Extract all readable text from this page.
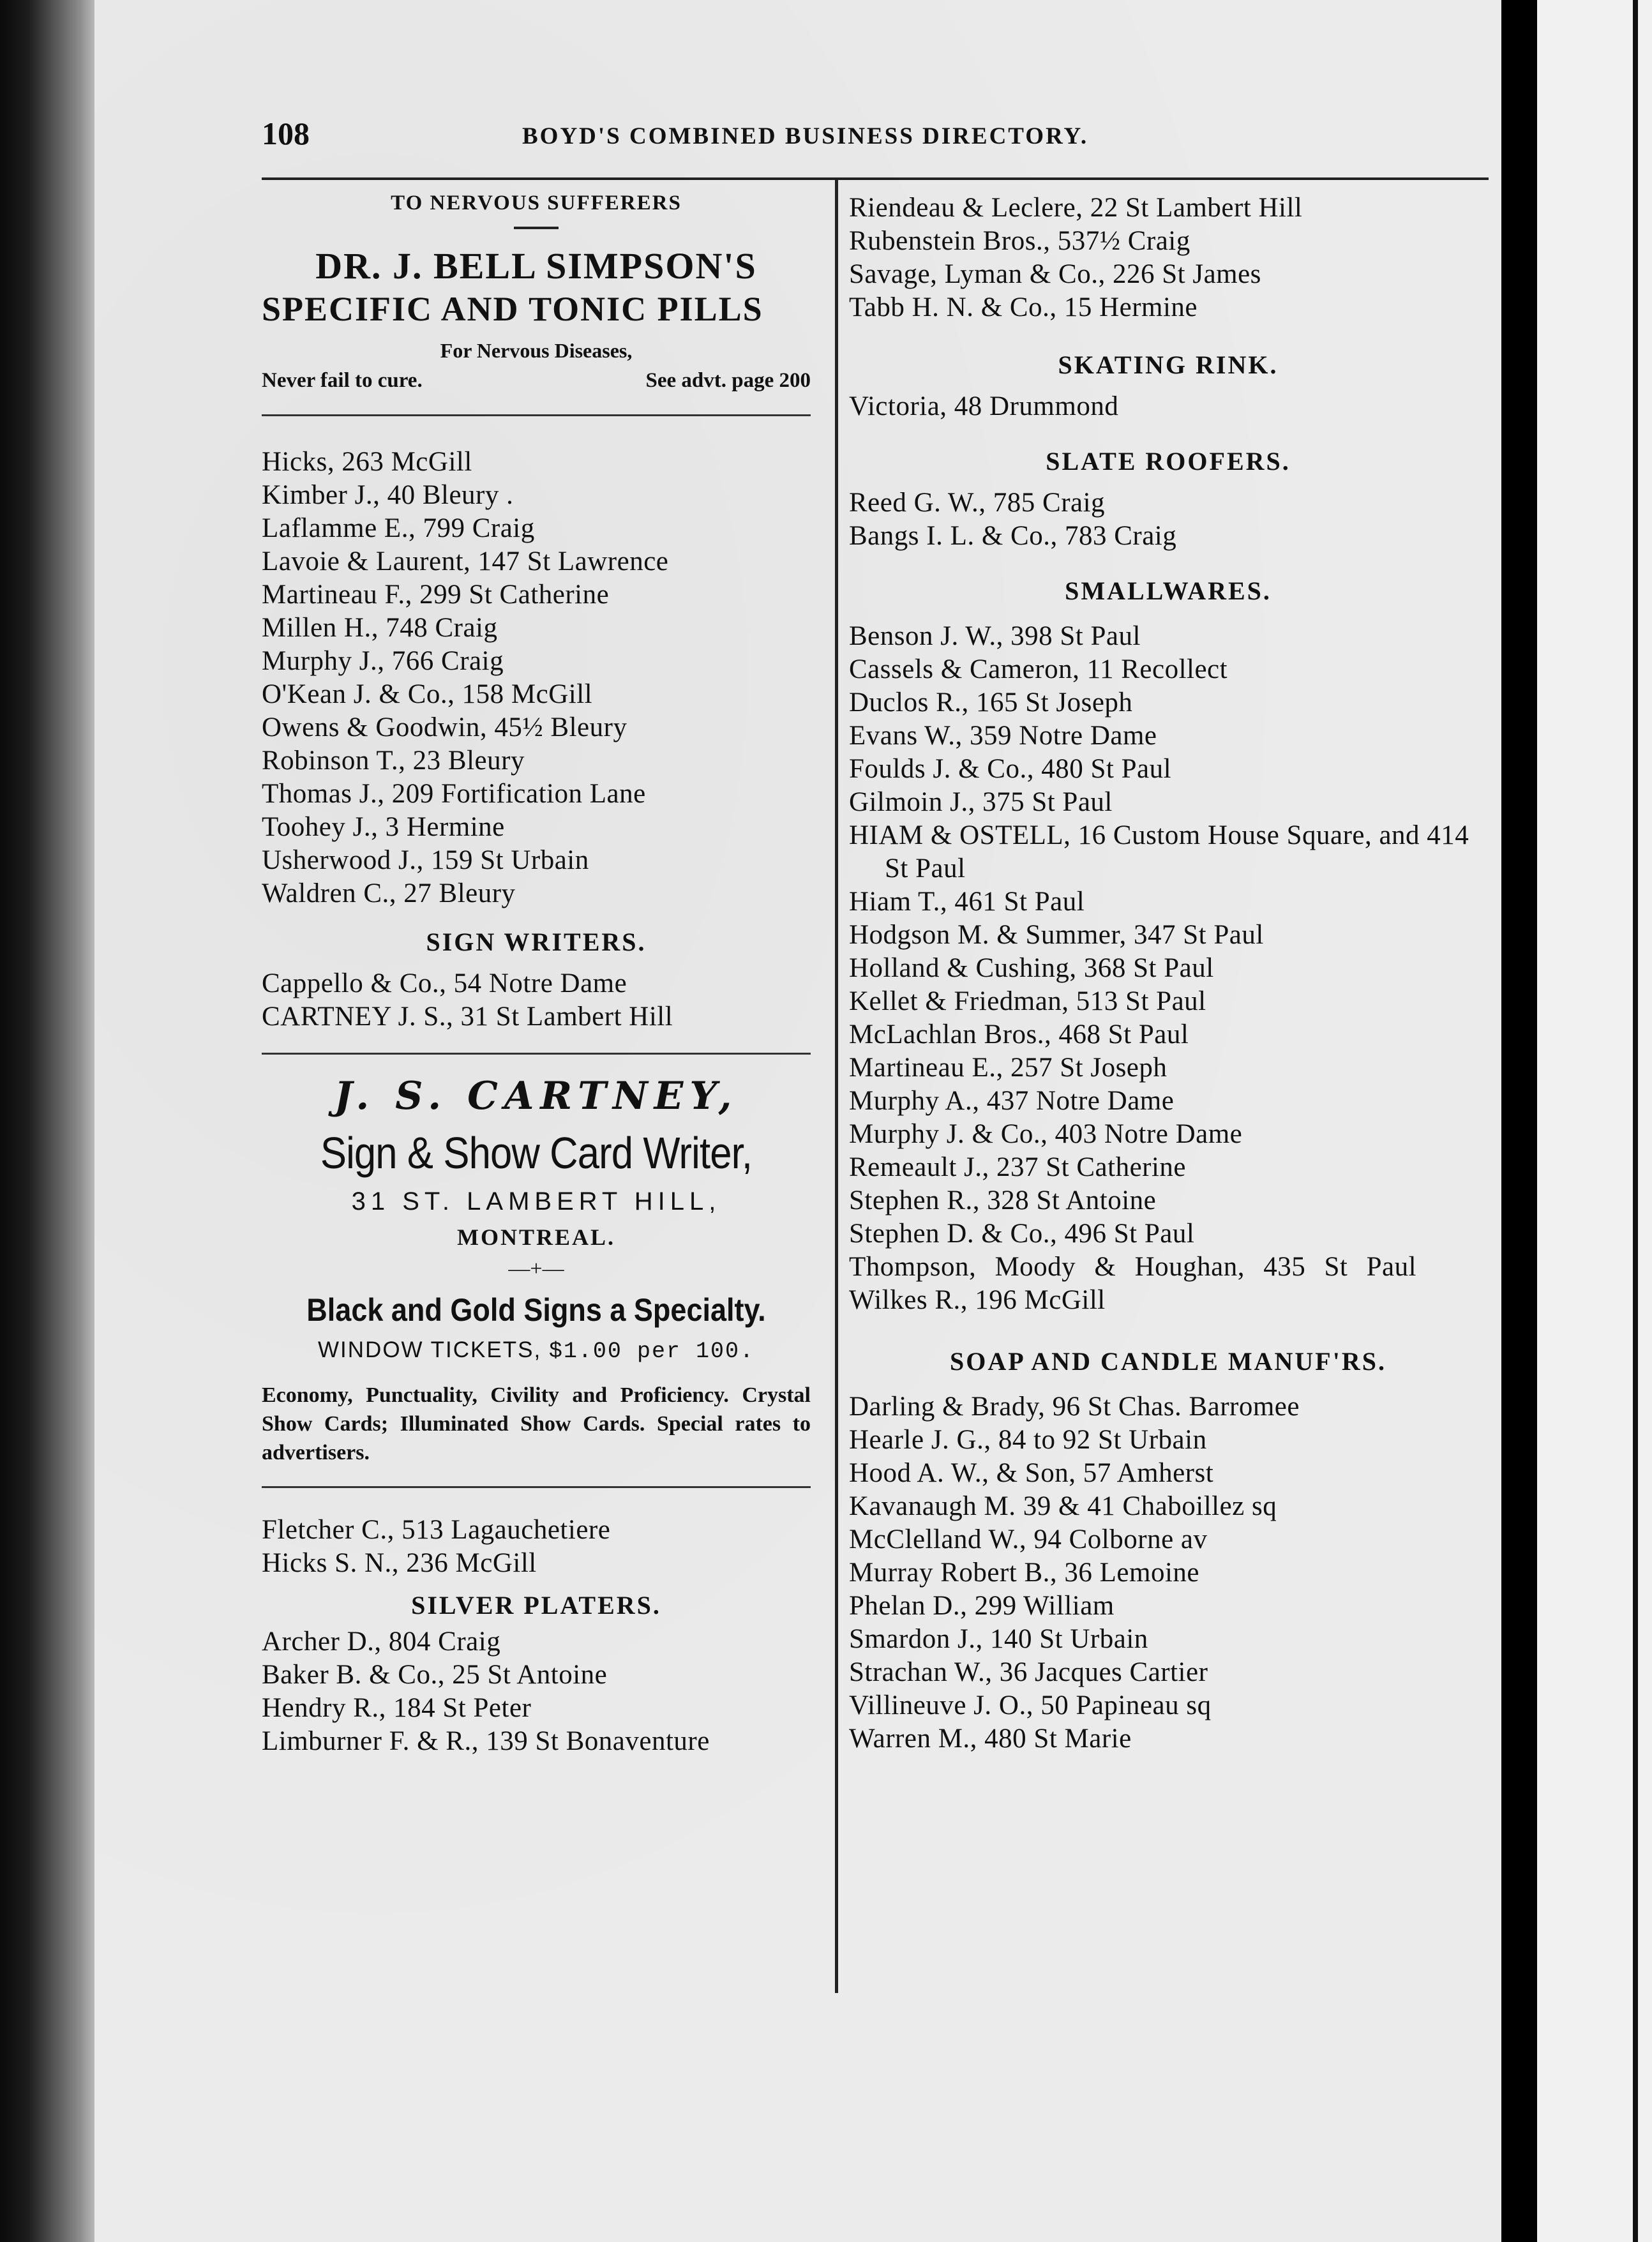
108	BOYD'S COMBINED BUSINESS DIRECTORY.
TO NERVOUS SUFFERERS
DR. J. BELL SIMPSON'S
SPECIFIC AND TONIC PILLS
For Nervous Diseases,
Never fail to cure.	See advt. page 200
Hicks, 263 McGill
Kimber J., 40 Bleury .
Laflamme E., 799 Craig
Lavoie & Laurent, 147 St Lawrence
Martineau F., 299 St Catherine
Millen H., 748 Craig
Murphy J., 766 Craig
O'Kean J. & Co., 158 McGill
Owens & Goodwin, 45½ Bleury
Robinson T., 23 Bleury
Thomas J., 209 Fortification Lane
Toohey J., 3 Hermine
Usherwood J., 159 St Urbain
Waldren C., 27 Bleury
SIGN WRITERS.
Cappello & Co., 54 Notre Dame
CARTNEY J. S., 31 St Lambert Hill
J. S. CARTNEY,
Sign & Show Card Writer,
31 ST. LAMBERT HILL,
MONTREAL.
—+—
Black and Gold Signs a Specialty.
WINDOW TICKETS, $1.00 per 100.
Economy, Punctuality, Civility and Proficiency. Crystal Show Cards; Illuminated Show Cards. Special rates to advertisers.
Fletcher C., 513 Lagauchetiere
Hicks S. N., 236 McGill
SILVER PLATERS.
Archer D., 804 Craig
Baker B. & Co., 25 St Antoine
Hendry R., 184 St Peter
Limburner F. & R., 139 St Bonaventure
Riendeau & Leclere, 22 St Lambert Hill
Rubenstein Bros., 537½ Craig
Savage, Lyman & Co., 226 St James
Tabb H. N. & Co., 15 Hermine
SKATING RINK.
Victoria, 48 Drummond
SLATE ROOFERS.
Reed G. W., 785 Craig
Bangs I. L. & Co., 783 Craig
SMALLWARES.
Benson J. W., 398 St Paul
Cassels & Cameron, 11 Recollect
Duclos R., 165 St Joseph
Evans W., 359 Notre Dame
Foulds J. & Co., 480 St Paul
Gilmoin J., 375 St Paul
HIAM & OSTELL, 16 Custom House Square, and 414 St Paul
Hiam T., 461 St Paul
Hodgson M. & Summer, 347 St Paul
Holland & Cushing, 368 St Paul
Kellet & Friedman, 513 St Paul
McLachlan Bros., 468 St Paul
Martineau E., 257 St Joseph
Murphy A., 437 Notre Dame
Murphy J. & Co., 403 Notre Dame
Remeault J., 237 St Catherine
Stephen R., 328 St Antoine
Stephen D. & Co., 496 St Paul
Thompson, Moody & Houghan, 435 St Paul
Wilkes R., 196 McGill
SOAP AND CANDLE MANUF'RS.
Darling & Brady, 96 St Chas. Barromee
Hearle J. G., 84 to 92 St Urbain
Hood A. W., & Son, 57 Amherst
Kavanaugh M. 39 & 41 Chaboillez sq
McClelland W., 94 Colborne av
Murray Robert B., 36 Lemoine
Phelan D., 299 William
Smardon J., 140 St Urbain
Strachan W., 36 Jacques Cartier
Villineuve J. O., 50 Papineau sq
Warren M., 480 St Marie
